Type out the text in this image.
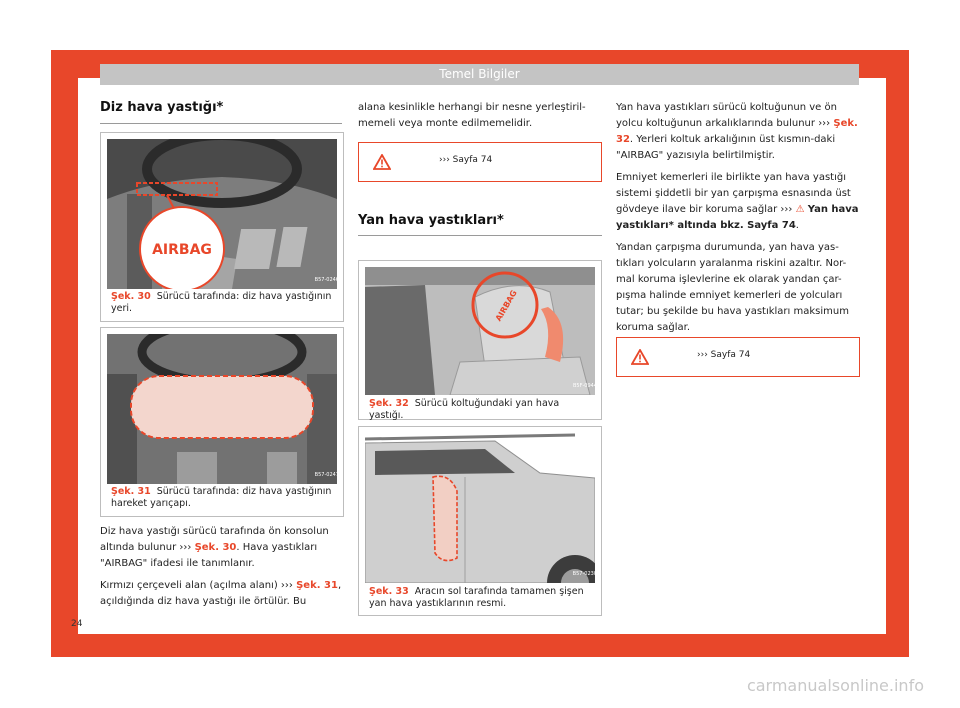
Temel Bilgiler
Diz hava yastığı*
AIRBAG
B57-0246
Şek. 30 Sürücü tarafında: diz hava yastığının yeri.
B57-0247
Şek. 31 Sürücü tarafında: diz hava yastığının hareket yarıçapı.

Diz hava yastığı sürücü tarafında ön konsolun altında bulunur ››› Şek. 30. Hava yastıkları "AIRBAG" ifadesi ile tanımlanır.

Kırmızı çerçeveli alan (açılma alanı) ››› Şek. 31, açıldığında diz hava yastığı ile örtülür. Bu

24
alana kesinlikle herhangi bir nesne yerleştiril-memeli veya monte edilmemelidir.
››› Sayfa 74
Yan hava yastıkları*
AIRBAG
B5F-0944
Şek. 32 Sürücü koltuğundaki yan hava yastığı.
B57-0230
Şek. 33 Aracın sol tarafında tamamen şişen yan hava yastıklarının resmi.

Yan hava yastıkları sürücü koltuğunun ve ön yolcu koltuğunun arkalıklarında bulunur ››› Şek. 32. Yerleri koltuk arkalığının üst kısmın-daki "AIRBAG" yazısıyla belirtilmiştir.

Emniyet kemerleri ile birlikte yan hava yastığı sistemi şiddetli bir yan çarpışma esnasında üst gövdeye ilave bir koruma sağlar ››› ⚠ Yan hava yastıkları* altında bkz. Sayfa 74.

Yandan çarpışma durumunda, yan hava yas-tıkları yolcuların yaralanma riskini azaltır. Nor-mal koruma işlevlerine ek olarak yandan çar-pışma halinde emniyet kemerleri de yolcuları tutar; bu şekilde bu hava yastıkları maksimum koruma sağlar.

››› Sayfa 74
carmanualsonline.info
